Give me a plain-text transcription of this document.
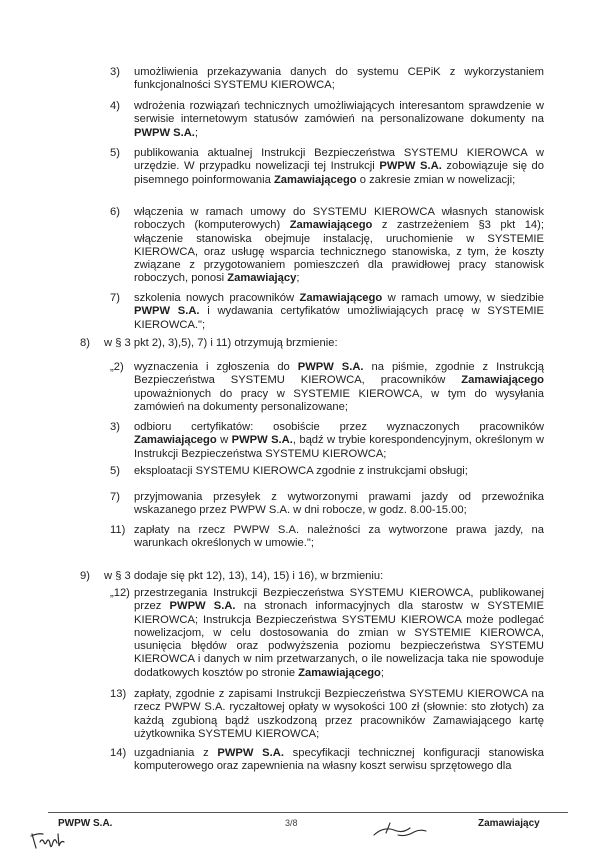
3) umożliwienia przekazywania danych do systemu CEPiK z wykorzystaniem funkcjonalności SYSTEMU KIEROWCA;
4) wdrożenia rozwiązań technicznych umożliwiających interesantom sprawdzenie w serwisie internetowym statusów zamówień na personalizowane dokumenty na PWPW S.A.;
5) publikowania aktualnej Instrukcji Bezpieczeństwa SYSTEMU KIEROWCA w urzędzie. W przypadku nowelizacji tej Instrukcji PWPW S.A. zobowiązuje się do pisemnego poinformowania Zamawiającego o zakresie zmian w nowelizacji;
6) włączenia w ramach umowy do SYSTEMU KIEROWCA własnych stanowisk roboczych (komputerowych) Zamawiającego z zastrzeżeniem §3 pkt 14); włączenie stanowiska obejmuje instalację, uruchomienie w SYSTEMIE KIEROWCA, oraz usługę wsparcia technicznego stanowiska, z tym, że koszty związane z przygotowaniem pomieszczeń dla prawidłowej pracy stanowisk roboczych, ponosi Zamawiający;
7) szkolenia nowych pracowników Zamawiającego w ramach umowy, w siedzibie PWPW S.A. i wydawania certyfikatów umożliwiających pracę w SYSTEMIE KIEROWCA.";
8) w § 3 pkt 2), 3),5), 7) i 11) otrzymują brzmienie:
„2) wyznaczenia i zgłoszenia do PWPW S.A. na piśmie, zgodnie z Instrukcją Bezpieczeństwa SYSTEMU KIEROWCA, pracowników Zamawiającego upoważnionych do pracy w SYSTEMIE KIEROWCA, w tym do wysyłania zamówień na dokumenty personalizowane;
3) odbioru certyfikatów: osobiście przez wyznaczonych pracowników Zamawiającego w PWPW S.A., bądź w trybie korespondencyjnym, określonym w Instrukcji Bezpieczeństwa SYSTEMU KIEROWCA;
5) eksploatacji SYSTEMU KIEROWCA zgodnie z instrukcjami obsługi;
7) przyjmowania przesyłek z wytworzonymi prawami jazdy od przewoźnika wskazanego przez PWPW S.A. w dni robocze, w godz. 8.00-15.00;
11) zapłaty na rzecz PWPW S.A. należności za wytworzone prawa jazdy, na warunkach określonych w umowie.";
9) w § 3 dodaje się pkt 12), 13), 14), 15) i 16), w brzmieniu:
„12) przestrzegania Instrukcji Bezpieczeństwa SYSTEMU KIEROWCA, publikowanej przez PWPW S.A. na stronach informacyjnych dla starostw w SYSTEMIE KIEROWCA; Instrukcja Bezpieczeństwa SYSTEMU KIEROWCA może podlegać nowelizacjom, w celu dostosowania do zmian w SYSTEMIE KIEROWCA, usunięcia błędów oraz podwyższenia poziomu bezpieczeństwa SYSTEMU KIEROWCA i danych w nim przetwarzanych, o ile nowelizacja taka nie spowoduje dodatkowych kosztów po stronie Zamawiającego;
13) zapłaty, zgodnie z zapisami Instrukcji Bezpieczeństwa SYSTEMU KIEROWCA na rzecz PWPW S.A. ryczałtowej opłaty w wysokości 100 zł (słownie: sto złotych) za każdą zgubioną bądź uszkodzoną przez pracowników Zamawiającego kartę użytkownika SYSTEMU KIEROWCA;
14) uzgadniania z PWPW S.A. specyfikacji technicznej konfiguracji stanowiska komputerowego oraz zapewnienia na własny koszt serwisu sprzętowego dla
PWPW S.A.	3/8	Zamawiający
